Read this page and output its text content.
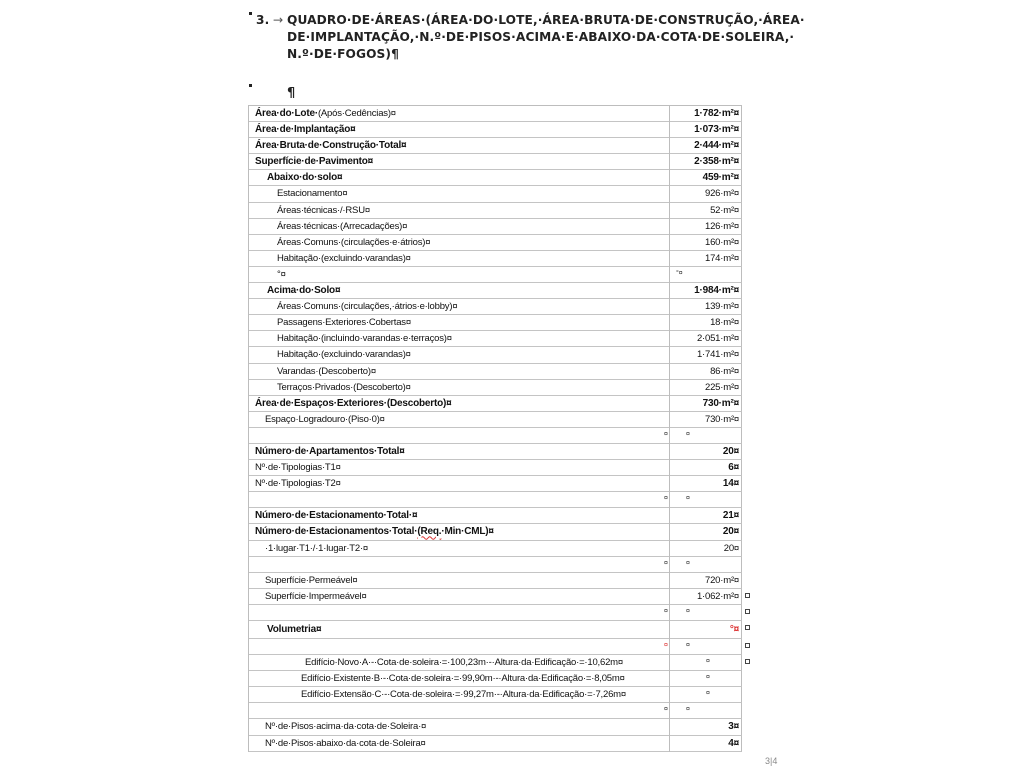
3. → QUADRO·DE·ÁREAS·(ÁREA·DO·LOTE,·ÁREA·BRUTA·DE·CONSTRUÇÃO,·ÁREA·
DE·IMPLANTAÇÃO,·N.º·DE·PISOS·ACIMA·E·ABAIXO·DA·COTA·DE·SOLEIRA,·
N.º·DE·FOGOS)¶
¶
Área·do·Lote·(Após·Cedências)¤	1·782·m²¤
Área·de·Implantação¤	1·073·m²¤
Área·Bruta·de·Construção·Total¤	2·444·m²¤
Superfície·de·Pavimento¤	2·358·m²¤
Abaixo·do·solo¤	459·m²¤
Estacionamento¤	926·m²¤
Áreas·técnicas·/·RSU¤	52·m²¤
Áreas·técnicas·(Arrecadações)¤	126·m²¤
Áreas·Comuns·(circulações·e·átrios)¤	160·m²¤
Habitação·(excluindo·varandas)¤	174·m²¤
°¤	°¤
Acima·do·Solo¤	1·984·m²¤
Áreas·Comuns·(circulações,·átrios·e·lobby)¤	139·m²¤
Passagens·Exteriores·Cobertas¤	18·m²¤
Habitação·(incluindo·varandas·e·terraços)¤	2·051·m²¤
Habitação·(excluindo·varandas)¤	1·741·m²¤
Varandas·(Descoberto)¤	86·m²¤
Terraços·Privados·(Descoberto)¤	225·m²¤
Área·de·Espaços·Exteriores·(Descoberto)¤	730·m²¤
Espaço·Logradouro·(Piso·0)¤	730·m²¤
¤	¤
Número·de·Apartamentos·Total¤	20¤
Nº·de·Tipologias·T1¤	6¤
Nº·de·Tipologias·T2¤	14¤
¤	¤
Número·de·Estacionamento·Total·¤	21¤
Número·de·Estacionamentos·Total·(Req.·Min·CML)¤	20¤
·1·lugar·T1·/·1·lugar·T2·¤	20¤
¤	¤
Superfície·Permeável¤	720·m²¤
Superfície·Impermeável¤	1·062·m²¤
¤	¤
Volumetria¤	°¤
¤	¤
Edifício·Novo·A·-·Cota·de·soleira·=·100,23m·-·Altura·da·Edificação·=·10,62m¤	¤
Edifício·Existente·B·-·Cota·de·soleira·=·99,90m·-·Altura·da·Edificação·=·8,05m¤	¤
Edifício·Extensão·C·-·Cota·de·soleira·=·99,27m·-·Altura·da·Edificação·=·7,26m¤	¤
¤	¤
Nº·de·Pisos·acima·da·cota·de·Soleira·¤	3¤
Nº·de·Pisos·abaixo·da·cota·de·Soleira¤	4¤
3|4
